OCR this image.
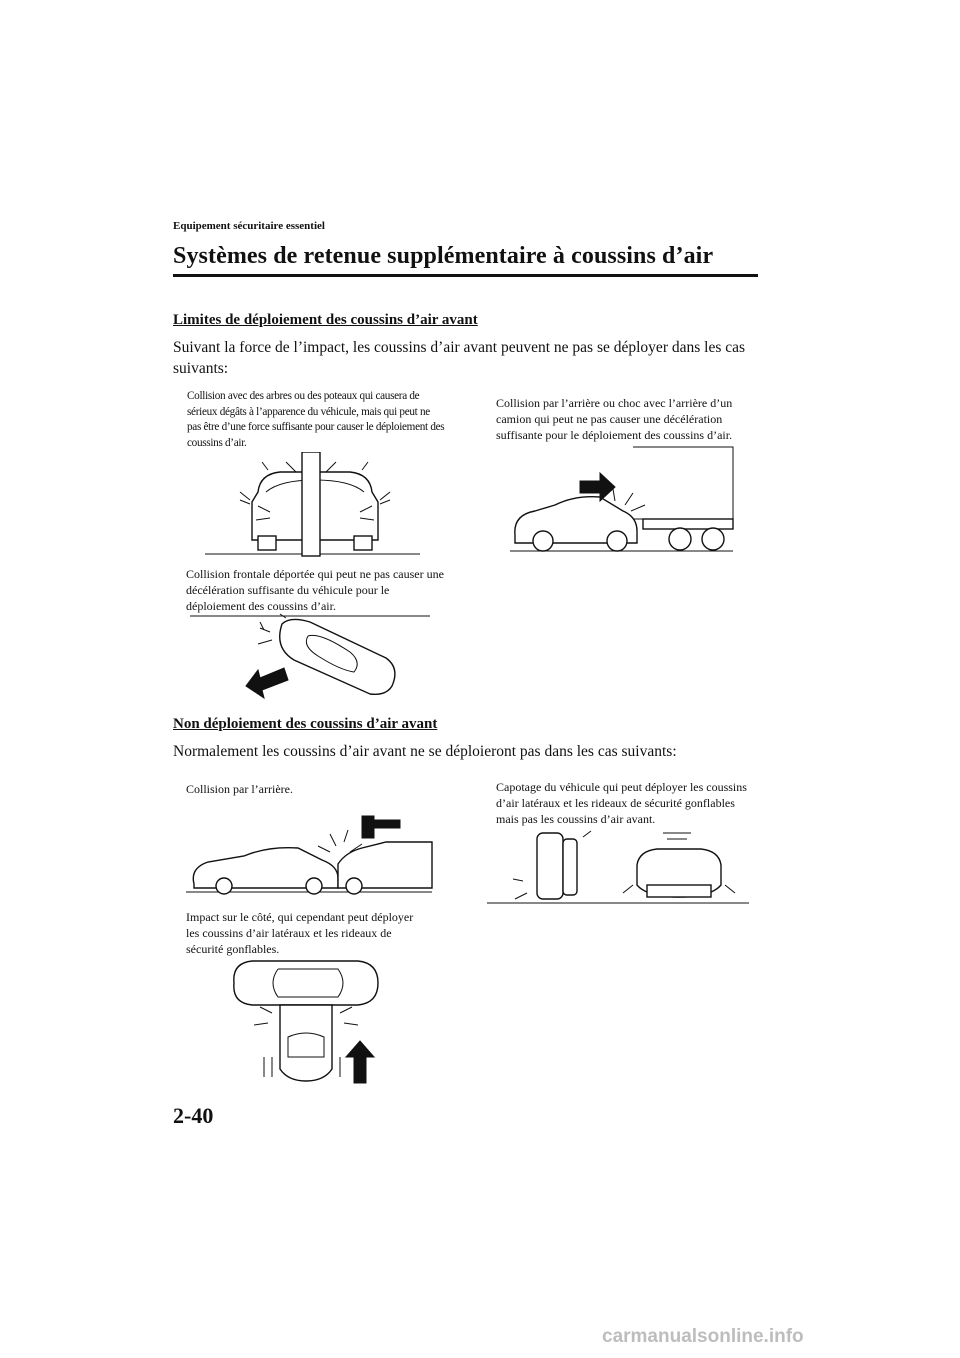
Equipement sécuritaire essentiel
Systèmes de retenue supplémentaire à coussins d’air
Limites de déploiement des coussins d’air avant
Suivant la force de l’impact, les coussins d’air avant peuvent ne pas se déployer dans les cas suivants:
Collision avec des arbres ou des poteaux qui causera de sérieux dégâts à l’apparence du véhicule, mais qui peut ne pas être d’une force suffisante pour causer le déploiement des coussins d’air.
Collision par l’arrière ou choc avec l’arrière d’un camion qui peut ne pas causer une décélération suffisante pour le déploiement des coussins d’air.
Collision frontale déportée qui peut ne pas causer une décélération suffisante du véhicule pour le déploiement des coussins d’air.
Non déploiement des coussins d’air avant
Normalement les coussins d’air avant ne se déploieront pas dans les cas suivants:
Collision par l’arrière.	Capotage du véhicule qui peut déployer les coussins d’air latéraux et les rideaux de sécurité gonflables mais pas les coussins d’air avant.
Impact sur le côté, qui cependant peut déployer les coussins d’air latéraux et les rideaux de sécurité gonflables.
2-40
carmanualsonline.info
